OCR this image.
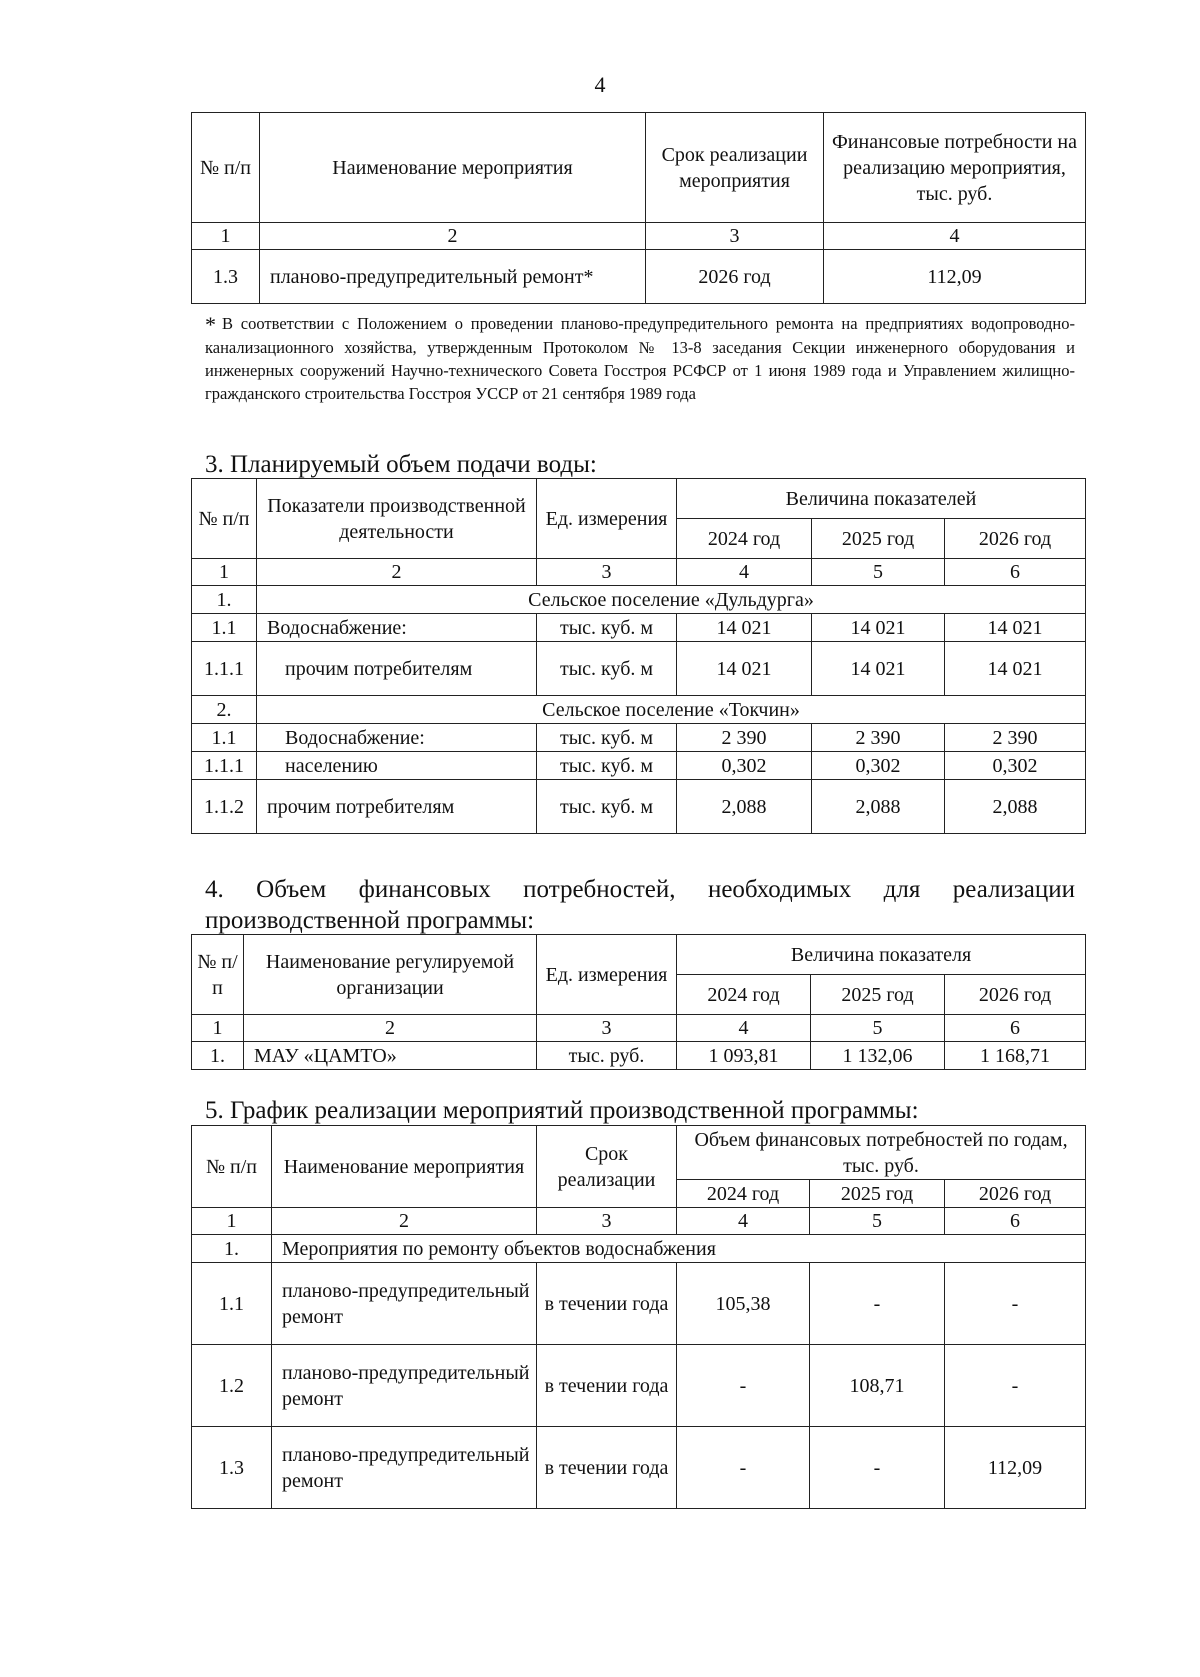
4
№ п/п	Наименование мероприятия	Срок реализации мероприятия	Финансовые потребности на реализацию мероприятия, тыс. руб.
1	2	3	4
1.3	планово-предупредительный ремонт*	2026 год	112,09
* В соответствии с Положением о проведении планово-предупредительного ремонта на предприятиях водопроводно-канализационного хозяйства, утвержденным Протоколом № 13-8 заседания Секции инженерного оборудования и инженерных сооружений Научно-технического Совета Госстроя РСФСР от 1 июня 1989 года и Управлением жилищно-гражданского строительства Госстроя УССР от 21 сентября 1989 года
3. Планируемый объем подачи воды:
№ п/п	Показатели производственной деятельности	Ед. измерения	Величина показателей		
			2024 год	2025 год	2026 год
1	2	3	4	5	6
1.	Сельское поселение «Дульдурга»				
1.1	Водоснабжение:	тыс. куб. м	14 021	14 021	14 021
1.1.1	прочим потребителям	тыс. куб. м	14 021	14 021	14 021
2.	Сельское поселение «Токчин»				
1.1	Водоснабжение:	тыс. куб. м	2 390	2 390	2 390
1.1.1	населению	тыс. куб. м	0,302	0,302	0,302
1.1.2	прочим потребителям	тыс. куб. м	2,088	2,088	2,088
4. Объем финансовых потребностей, необходимых для реализации производственной программы:
№ п/п	Наименование регулируемой организации	Ед. измерения	Величина показателя		
			2024 год	2025 год	2026 год
1	2	3	4	5	6
1.	МАУ «ЦАМТО»	тыс. руб.	1 093,81	1 132,06	1 168,71
5. График реализации мероприятий производственной программы:
№ п/п	Наименование мероприятия	Срок реализации	Объем финансовых потребностей по годам, тыс. руб.		
			2024 год	2025 год	2026 год
1	2	3	4	5	6
1.	Мероприятия по ремонту объектов водоснабжения				
1.1	планово-предупредительный ремонт	в течении года	105,38	-	-
1.2	планово-предупредительный ремонт	в течении года	-	108,71	-
1.3	планово-предупредительный ремонт	в течении года	-	-	112,09
